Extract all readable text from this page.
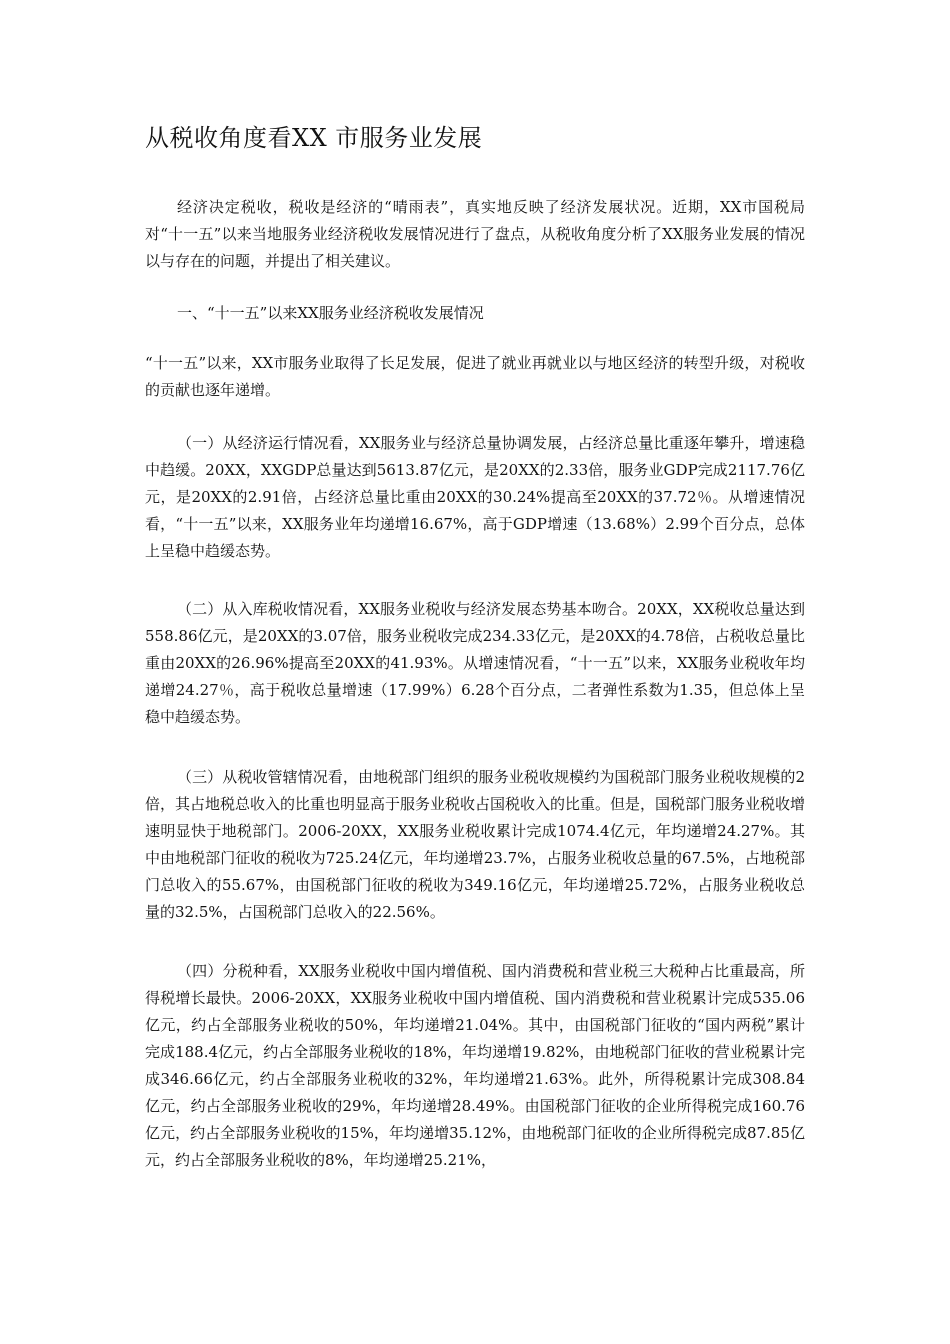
从税收角度看XX 市服务业发展

经济决定税收，税收是经济的“晴雨表”，真实地反映了经济发展状况。近期，XX市国税局对“十一五”以来当地服务业经济税收发展情况进行了盘点，从税收角度分析了XX服务业发展的情况以与存在的问题，并提出了相关建议。

一、“十一五”以来XX服务业经济税收发展情况

“十一五”以来，XX市服务业取得了长足发展，促进了就业再就业以与地区经济的转型升级，对税收的贡献也逐年递增。

（一）从经济运行情况看，XX服务业与经济总量协调发展，占经济总量比重逐年攀升，增速稳中趋缓。20XX，XXGDP总量达到5613.87亿元，是20XX的2.33倍，服务业GDP完成2117.76亿元，是20XX的2.91倍，占经济总量比重由20XX的30.24%提高至20XX的37.72％。从增速情况看，“十一五”以来，XX服务业年均递增16.67%，高于GDP增速（13.68%）2.99个百分点，总体上呈稳中趋缓态势。

（二）从入库税收情况看，XX服务业税收与经济发展态势基本吻合。20XX，XX税收总量达到558.86亿元，是20XX的3.07倍，服务业税收完成234.33亿元，是20XX的4.78倍，占税收总量比重由20XX的26.96%提高至20XX的41.93%。从增速情况看，“十一五”以来，XX服务业税收年均递增24.27％，高于税收总量增速（17.99%）6.28个百分点，二者弹性系数为1.35，但总体上呈稳中趋缓态势。

（三）从税收管辖情况看，由地税部门组织的服务业税收规模约为国税部门服务业税收规模的2倍，其占地税总收入的比重也明显高于服务业税收占国税收入的比重。但是，国税部门服务业税收增速明显快于地税部门。2006-20XX，XX服务业税收累计完成1074.4亿元，年均递增24.27%。其中由地税部门征收的税收为725.24亿元，年均递增23.7%，占服务业税收总量的67.5%，占地税部门总收入的55.67%，由国税部门征收的税收为349.16亿元，年均递增25.72%，占服务业税收总量的32.5%，占国税部门总收入的22.56%。

（四）分税种看，XX服务业税收中国内增值税、国内消费税和营业税三大税种占比重最高，所得税增长最快。2006-20XX，XX服务业税收中国内增值税、国内消费税和营业税累计完成535.06亿元，约占全部服务业税收的50%，年均递增21.04%。其中，由国税部门征收的“国内两税”累计完成188.4亿元，约占全部服务业税收的18%，年均递增19.82%，由地税部门征收的营业税累计完成346.66亿元，约占全部服务业税收的32%，年均递增21.63%。此外，所得税累计完成308.84亿元，约占全部服务业税收的29%，年均递增28.49%。由国税部门征收的企业所得税完成160.76亿元，约占全部服务业税收的15%，年均递增35.12%，由地税部门征收的企业所得税完成87.85亿元，约占全部服务业税收的8%，年均递增25.21%，
